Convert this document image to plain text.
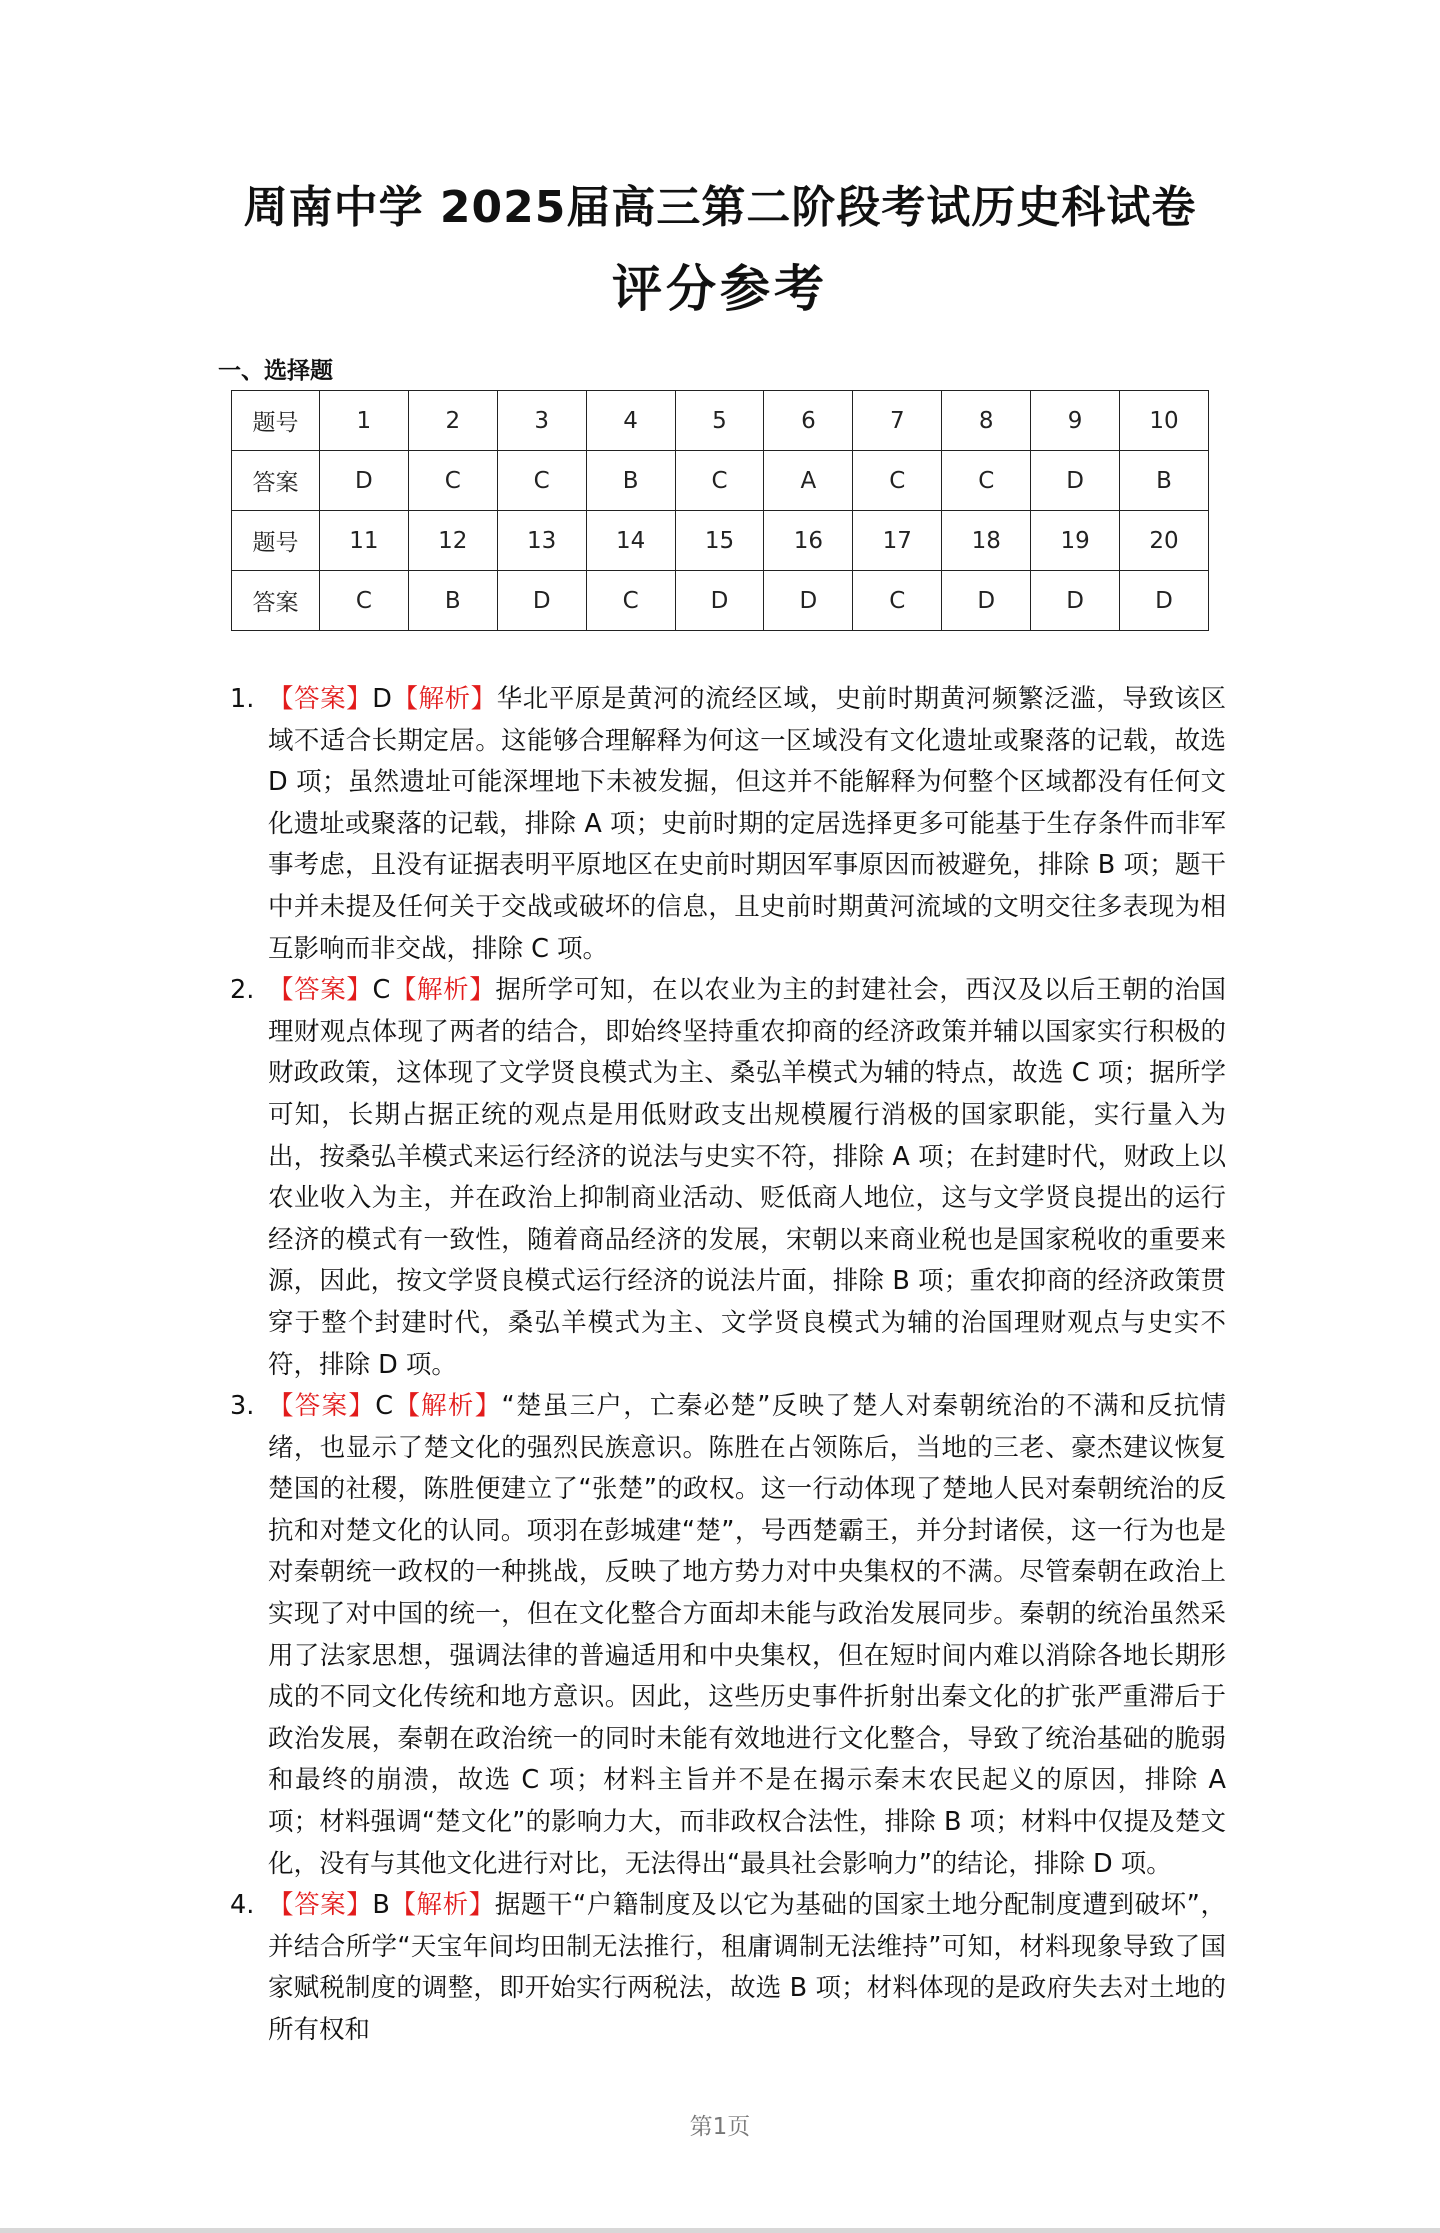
周南中学 2025届高三第二阶段考试历史科试卷
评分参考
一、选择题
题号	1	2	3	4	5	6	7	8	9	10
答案	D	C	C	B	C	A	C	C	D	B
题号	11	12	13	14	15	16	17	18	19	20
答案	C	B	D	C	D	D	C	D	D	D
1. 【答案】D【解析】华北平原是黄河的流经区域，史前时期黄河频繁泛滥，导致该区域不适合长期定居。这能够合理解释为何这一区域没有文化遗址或聚落的记载，故选 D 项；虽然遗址可能深埋地下未被发掘，但这并不能解释为何整个区域都没有任何文化遗址或聚落的记载，排除 A 项；史前时期的定居选择更多可能基于生存条件而非军事考虑，且没有证据表明平原地区在史前时期因军事原因而被避免，排除 B 项；题干中并未提及任何关于交战或破坏的信息，且史前时期黄河流域的文明交往多表现为相互影响而非交战，排除 C 项。
2. 【答案】C【解析】据所学可知，在以农业为主的封建社会，西汉及以后王朝的治国理财观点体现了两者的结合，即始终坚持重农抑商的经济政策并辅以国家实行积极的财政政策，这体现了文学贤良模式为主、桑弘羊模式为辅的特点，故选 C 项；据所学可知，长期占据正统的观点是用低财政支出规模履行消极的国家职能，实行量入为出，按桑弘羊模式来运行经济的说法与史实不符，排除 A 项；在封建时代，财政上以农业收入为主，并在政治上抑制商业活动、贬低商人地位，这与文学贤良提出的运行经济的模式有一致性，随着商品经济的发展，宋朝以来商业税也是国家税收的重要来源，因此，按文学贤良模式运行经济的说法片面，排除 B 项；重农抑商的经济政策贯穿于整个封建时代，桑弘羊模式为主、文学贤良模式为辅的治国理财观点与史实不符，排除 D 项。
3. 【答案】C【解析】“楚虽三户，亡秦必楚”反映了楚人对秦朝统治的不满和反抗情绪，也显示了楚文化的强烈民族意识。陈胜在占领陈后，当地的三老、豪杰建议恢复楚国的社稷，陈胜便建立了“张楚”的政权。这一行动体现了楚地人民对秦朝统治的反抗和对楚文化的认同。项羽在彭城建“楚”，号西楚霸王，并分封诸侯，这一行为也是对秦朝统一政权的一种挑战，反映了地方势力对中央集权的不满。尽管秦朝在政治上实现了对中国的统一，但在文化整合方面却未能与政治发展同步。秦朝的统治虽然采用了法家思想，强调法律的普遍适用和中央集权，但在短时间内难以消除各地长期形成的不同文化传统和地方意识。因此，这些历史事件折射出秦文化的扩张严重滞后于政治发展，秦朝在政治统一的同时未能有效地进行文化整合，导致了统治基础的脆弱和最终的崩溃，故选 C 项；材料主旨并不是在揭示秦末农民起义的原因，排除 A 项；材料强调“楚文化”的影响力大，而非政权合法性，排除 B 项；材料中仅提及楚文化，没有与其他文化进行对比，无法得出“最具社会影响力”的结论，排除 D 项。
4. 【答案】B【解析】据题干“户籍制度及以它为基础的国家土地分配制度遭到破坏”，并结合所学“天宝年间均田制无法推行，租庸调制无法维持”可知，材料现象导致了国家赋税制度的调整，即开始实行两税法，故选 B 项；材料体现的是政府失去对土地的所有权和
第1页
